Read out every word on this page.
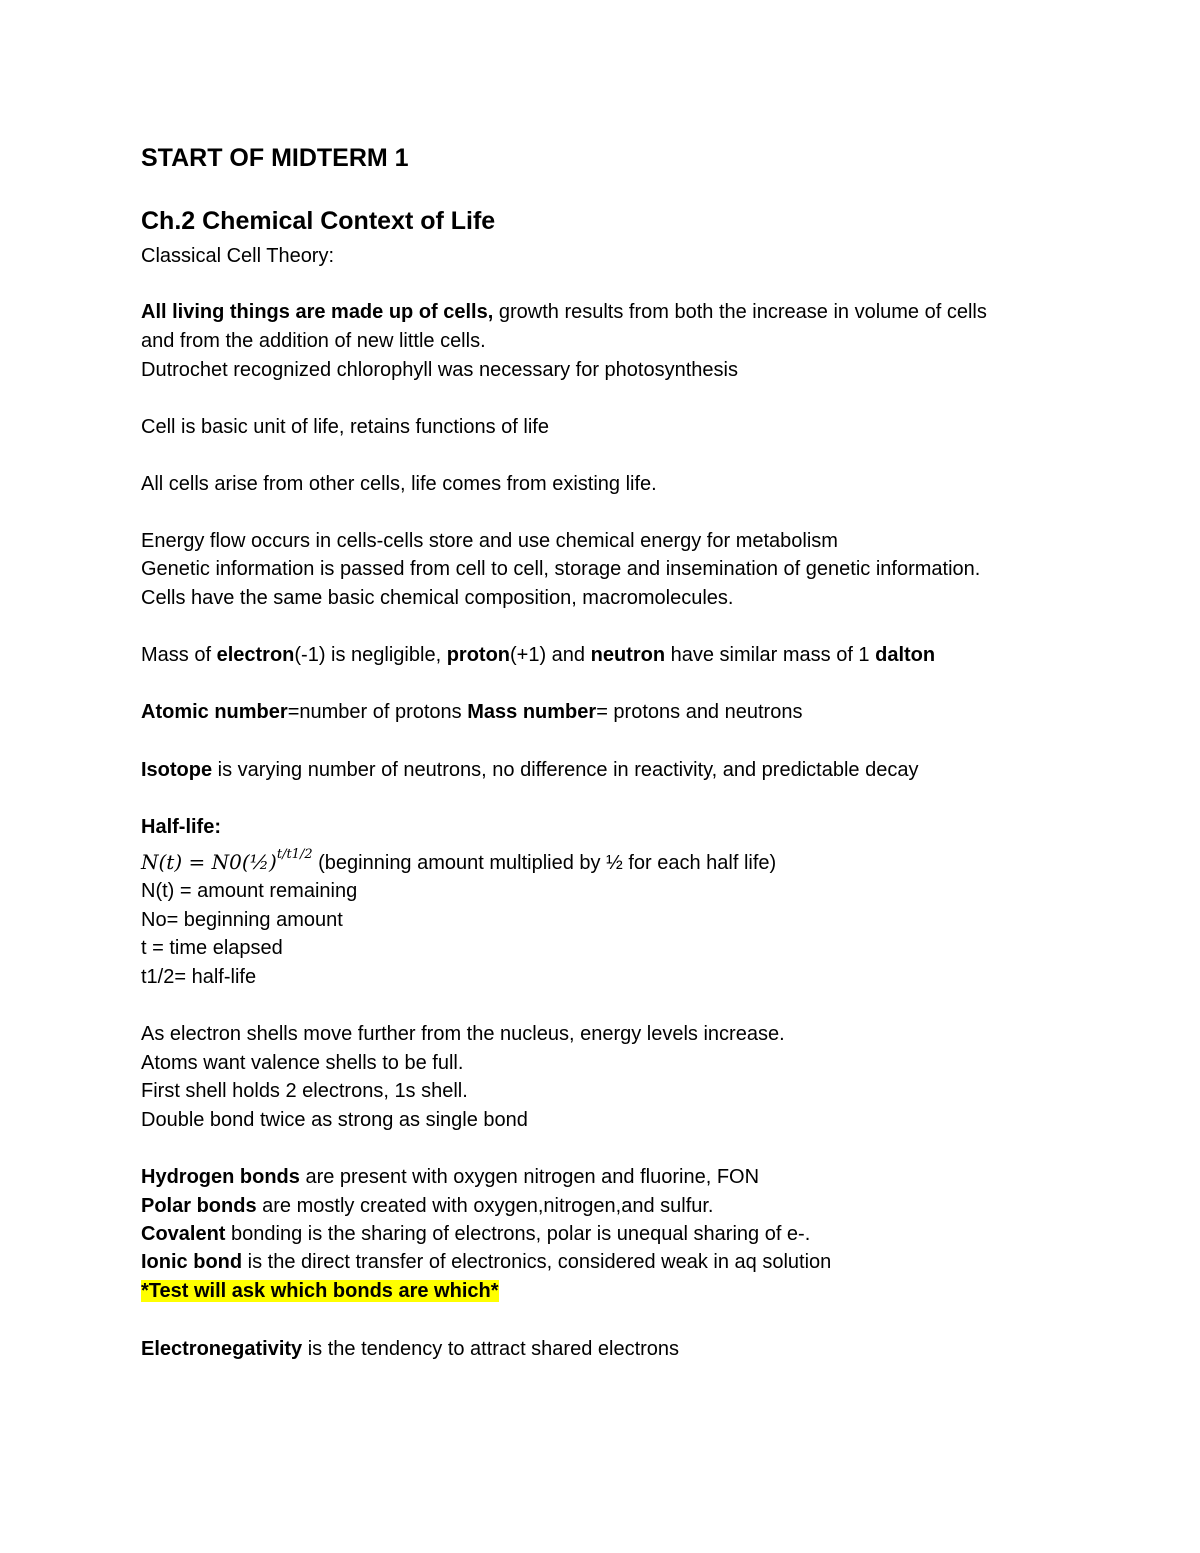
START OF MIDTERM 1

Ch.2 Chemical Context of Life

Classical Cell Theory:

All living things are made up of cells, growth results from both the increase in volume of cells

and from the addition of new little cells.

Dutrochet recognized chlorophyll was necessary for photosynthesis

Cell is basic unit of life, retains functions of life

All cells arise from other cells, life comes from existing life.

Energy flow occurs in cells-cells store and use chemical energy for metabolism

Genetic information is passed from cell to cell, storage and insemination of genetic information.

Cells have the same basic chemical composition, macromolecules.

Mass of electron(-1) is negligible, proton(+1) and neutron have similar mass of 1 dalton

Atomic number=number of protons Mass number= protons and neutrons

Isotope is varying number of neutrons, no difference in reactivity, and predictable decay

Half-life:

N(t) = N0(½)$^{t/t1/2}$ (beginning amount multiplied by ½ for each half life)

N(t) = amount remaining

No= beginning amount

t = time elapsed

t1/2= half-life

As electron shells move further from the nucleus, energy levels increase.

Atoms want valence shells to be full.

First shell holds 2 electrons, 1s shell.

Double bond twice as strong as single bond

Hydrogen bonds are present with oxygen nitrogen and fluorine, FON

Polar bonds are mostly created with oxygen,nitrogen,and sulfur.

Covalent bonding is the sharing of electrons, polar is unequal sharing of e-.

Ionic bond is the direct transfer of electronics, considered weak in aq solution

*Test will ask which bonds are which*

Electronegativity is the tendency to attract shared electrons
